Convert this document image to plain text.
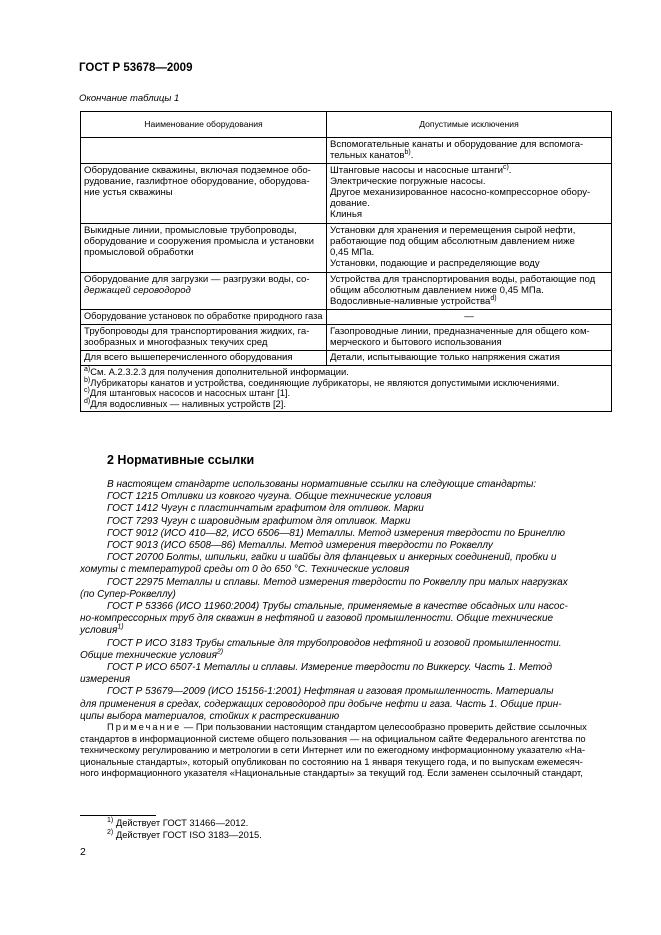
ГОСТ Р 53678—2009
Окончание таблицы 1
Наименование оборудования	Допустимые исключения

	Вспомогательные канаты и оборудование для вспомога-
тельных канатов$^{b)}$.

Оборудование скважины, включая подземное обо-
рудование, газлифтное оборудование, оборудова-
ние устья скважины	Штанговые насосы и насосные штанги$^{c)}$.
Электрические погружные насосы.
Другое механизированное насосно-компрессорное обору-
дование.
Клинья

Выкидные линии, промысловые трубопроводы,
оборудование и сооружения промысла и установки
промысловой обработки	Установки для хранения и перемещения сырой нефти,
работающие под общим абсолютным давлением ниже
0,45 МПа.
Установки, подающие и распределяющие воду

Оборудование для загрузки — разгрузки воды, со-
держащей сероводород	Устройства для транспортирования воды, работающие под
общим абсолютным давлением ниже 0,45 МПа.
Водосливные-наливные устройства$^{d)}$

Оборудование установок по обработке природного газа	—

Трубопроводы для транспортирования жидких, га-
зообразных и многофазных текучих сред	Газопроводные линии, предназначенные для общего ком-
мерческого и бытового использования

Для всего вышеперечисленного оборудования	Детали, испытывающие только напряжения сжатия

$^{a)}$См. А.2.3.2.3 для получения дополнительной информации.
$^{b)}$Лубрикаторы канатов и устройства, соединяющие лубрикаторы, не являются допустимыми исключениями.
$^{c)}$Для штанговых насосов и насосных штанг [1].
$^{d)}$Для водосливных — наливных устройств [2].	
2 Нормативные ссылки

В настоящем стандарте использованы нормативные ссылки на следующие стандарты:

ГОСТ 1215 Отливки из ковкого чугуна. Общие технические условия

ГОСТ 1412 Чугун с пластинчатым графитом для отливок. Марки

ГОСТ 7293 Чугун с шаровидным графитом для отливок. Марки

ГОСТ 9012 (ИСО 410—82, ИСО 6506—81) Металлы. Метод измерения твердости по Бринеллю

ГОСТ 9013 (ИСО 6508—86) Металлы. Метод измерения твердости по Роквеллу

ГОСТ 20700 Болты, шпильки, гайки и шайбы для фланцевых и анкерных соединений, пробки и
хомуты с температурой среды от 0 до 650 °С. Технические условия

ГОСТ 22975 Металлы и сплавы. Метод измерения твердости по Роквеллу при малых нагрузках
(по Супер-Роквеллу)

ГОСТ Р 53366 (ИСО 11960:2004) Трубы стальные, применяемые в качестве обсадных или насос-
но-компрессорных труб для скважин в нефтяной и газовой промышленности. Общие технические
условия$^{1)}$

ГОСТ Р ИСО 3183 Трубы стальные для трубопроводов нефтяной и гозовой промышленности.
Общие технические условия$^{2)}$

ГОСТ Р ИСО 6507-1 Металлы и сплавы. Измерение твердости по Виккерсу. Часть 1. Метод
измерения

ГОСТ Р 53679—2009 (ИСО 15156-1:2001) Нефтяная и газовая промышленность. Материалы
для применения в средах, содержащих сероводород при добыче нефти и газа. Часть 1. Общие прин-
ципы выбора материалов, стойких к растрескиванию

Примечание — При пользовании настоящим стандартом целесообразно проверить действие ссылочных
стандартов в информационной системе общего пользования — на официальном сайте Федерального агентства по
техническому регулированию и метрологии в сети Интернет или по ежегодному информационному указателю «На-
циональные стандарты», который опубликован по состоянию на 1 января текущего года, и по выпускам ежемесяч-
ного информационного указателя «Национальные стандарты» за текущий год. Если заменен ссылочный стандарт,
$^{1)}$ Действует ГОСТ 31466—2012.
$^{2)}$ Действует ГОСТ ISO 3183—2015.
2
